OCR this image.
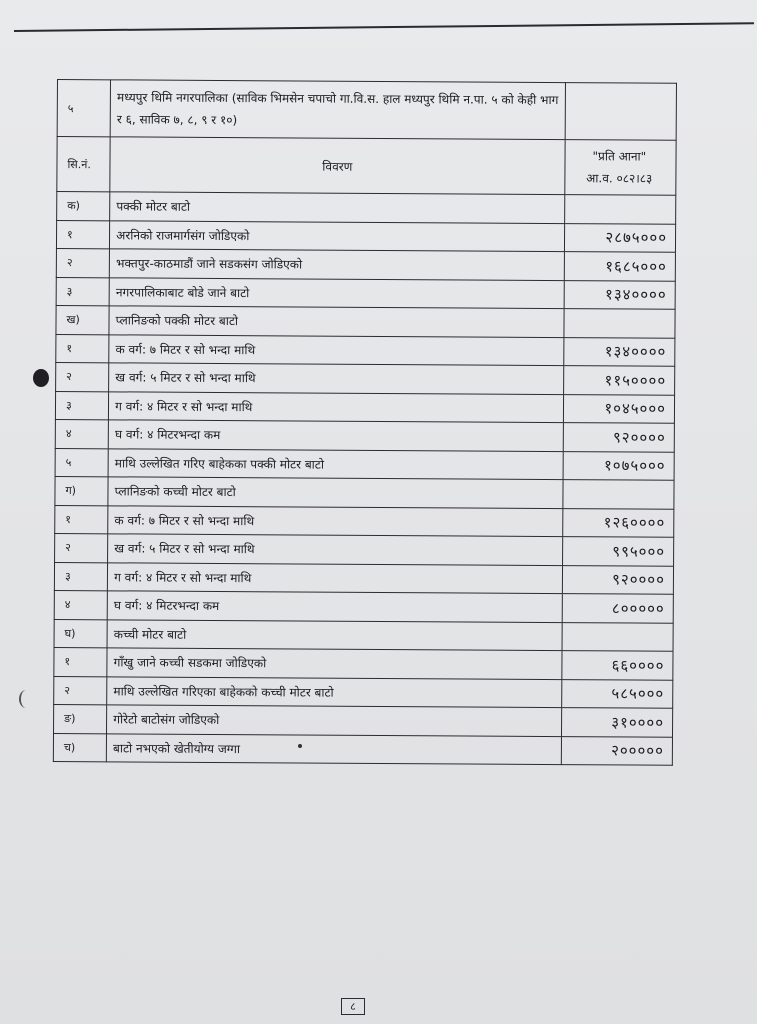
५	मध्यपुर थिमि नगरपालिका (साविक भिमसेन चपाचो गा.वि.स. हाल मध्यपुर थिमि न.पा. ५ को केही भाग र ६, साविक ७, ८, ९ र १०)	
सि.नं.	विवरण	"प्रति आना"
आ.व. ०८२।८३

क)	पक्की मोटर बाटो	
१	अरनिको राजमार्गसंग जोडिएको	२८७५०००
२	भक्तपुर-काठमाडौं जाने सडकसंग जोडिएको	१६८५०००
३	नगरपालिकाबाट बोडे जाने बाटो	१३४००००
ख)	प्लानिङको पक्की मोटर बाटो	
१	क वर्ग: ७ मिटर र सो भन्दा माथि	१३४००००
२	ख वर्ग: ५ मिटर र सो भन्दा माथि	११५००००
३	ग वर्ग: ४ मिटर र सो भन्दा माथि	१०४५०००
४	घ वर्ग: ४ मिटरभन्दा कम	९२००००
५	माथि उल्लेखित गरिए बाहेकका पक्की मोटर बाटो	१०७५०००
ग)	प्लानिङको कच्ची मोटर बाटो	
१	क वर्ग: ७ मिटर र सो भन्दा माथि	१२६००००
२	ख वर्ग: ५ मिटर र सो भन्दा माथि	९९५०००
३	ग वर्ग: ४ मिटर र सो भन्दा माथि	९२००००
४	घ वर्ग: ४ मिटरभन्दा कम	८०००००
घ)	कच्ची मोटर बाटो	
१	गाँखु जाने कच्ची सडकमा जोडिएको	६६००००
२	माथि उल्लेखित गरिएका बाहेकको कच्ची मोटर बाटो	५८५०००
ङ)	गोरेटो बाटोसंग जोडिएको	३१००००
च)	बाटो नभएको खेतीयोग्य जग्गा	२०००००
८
